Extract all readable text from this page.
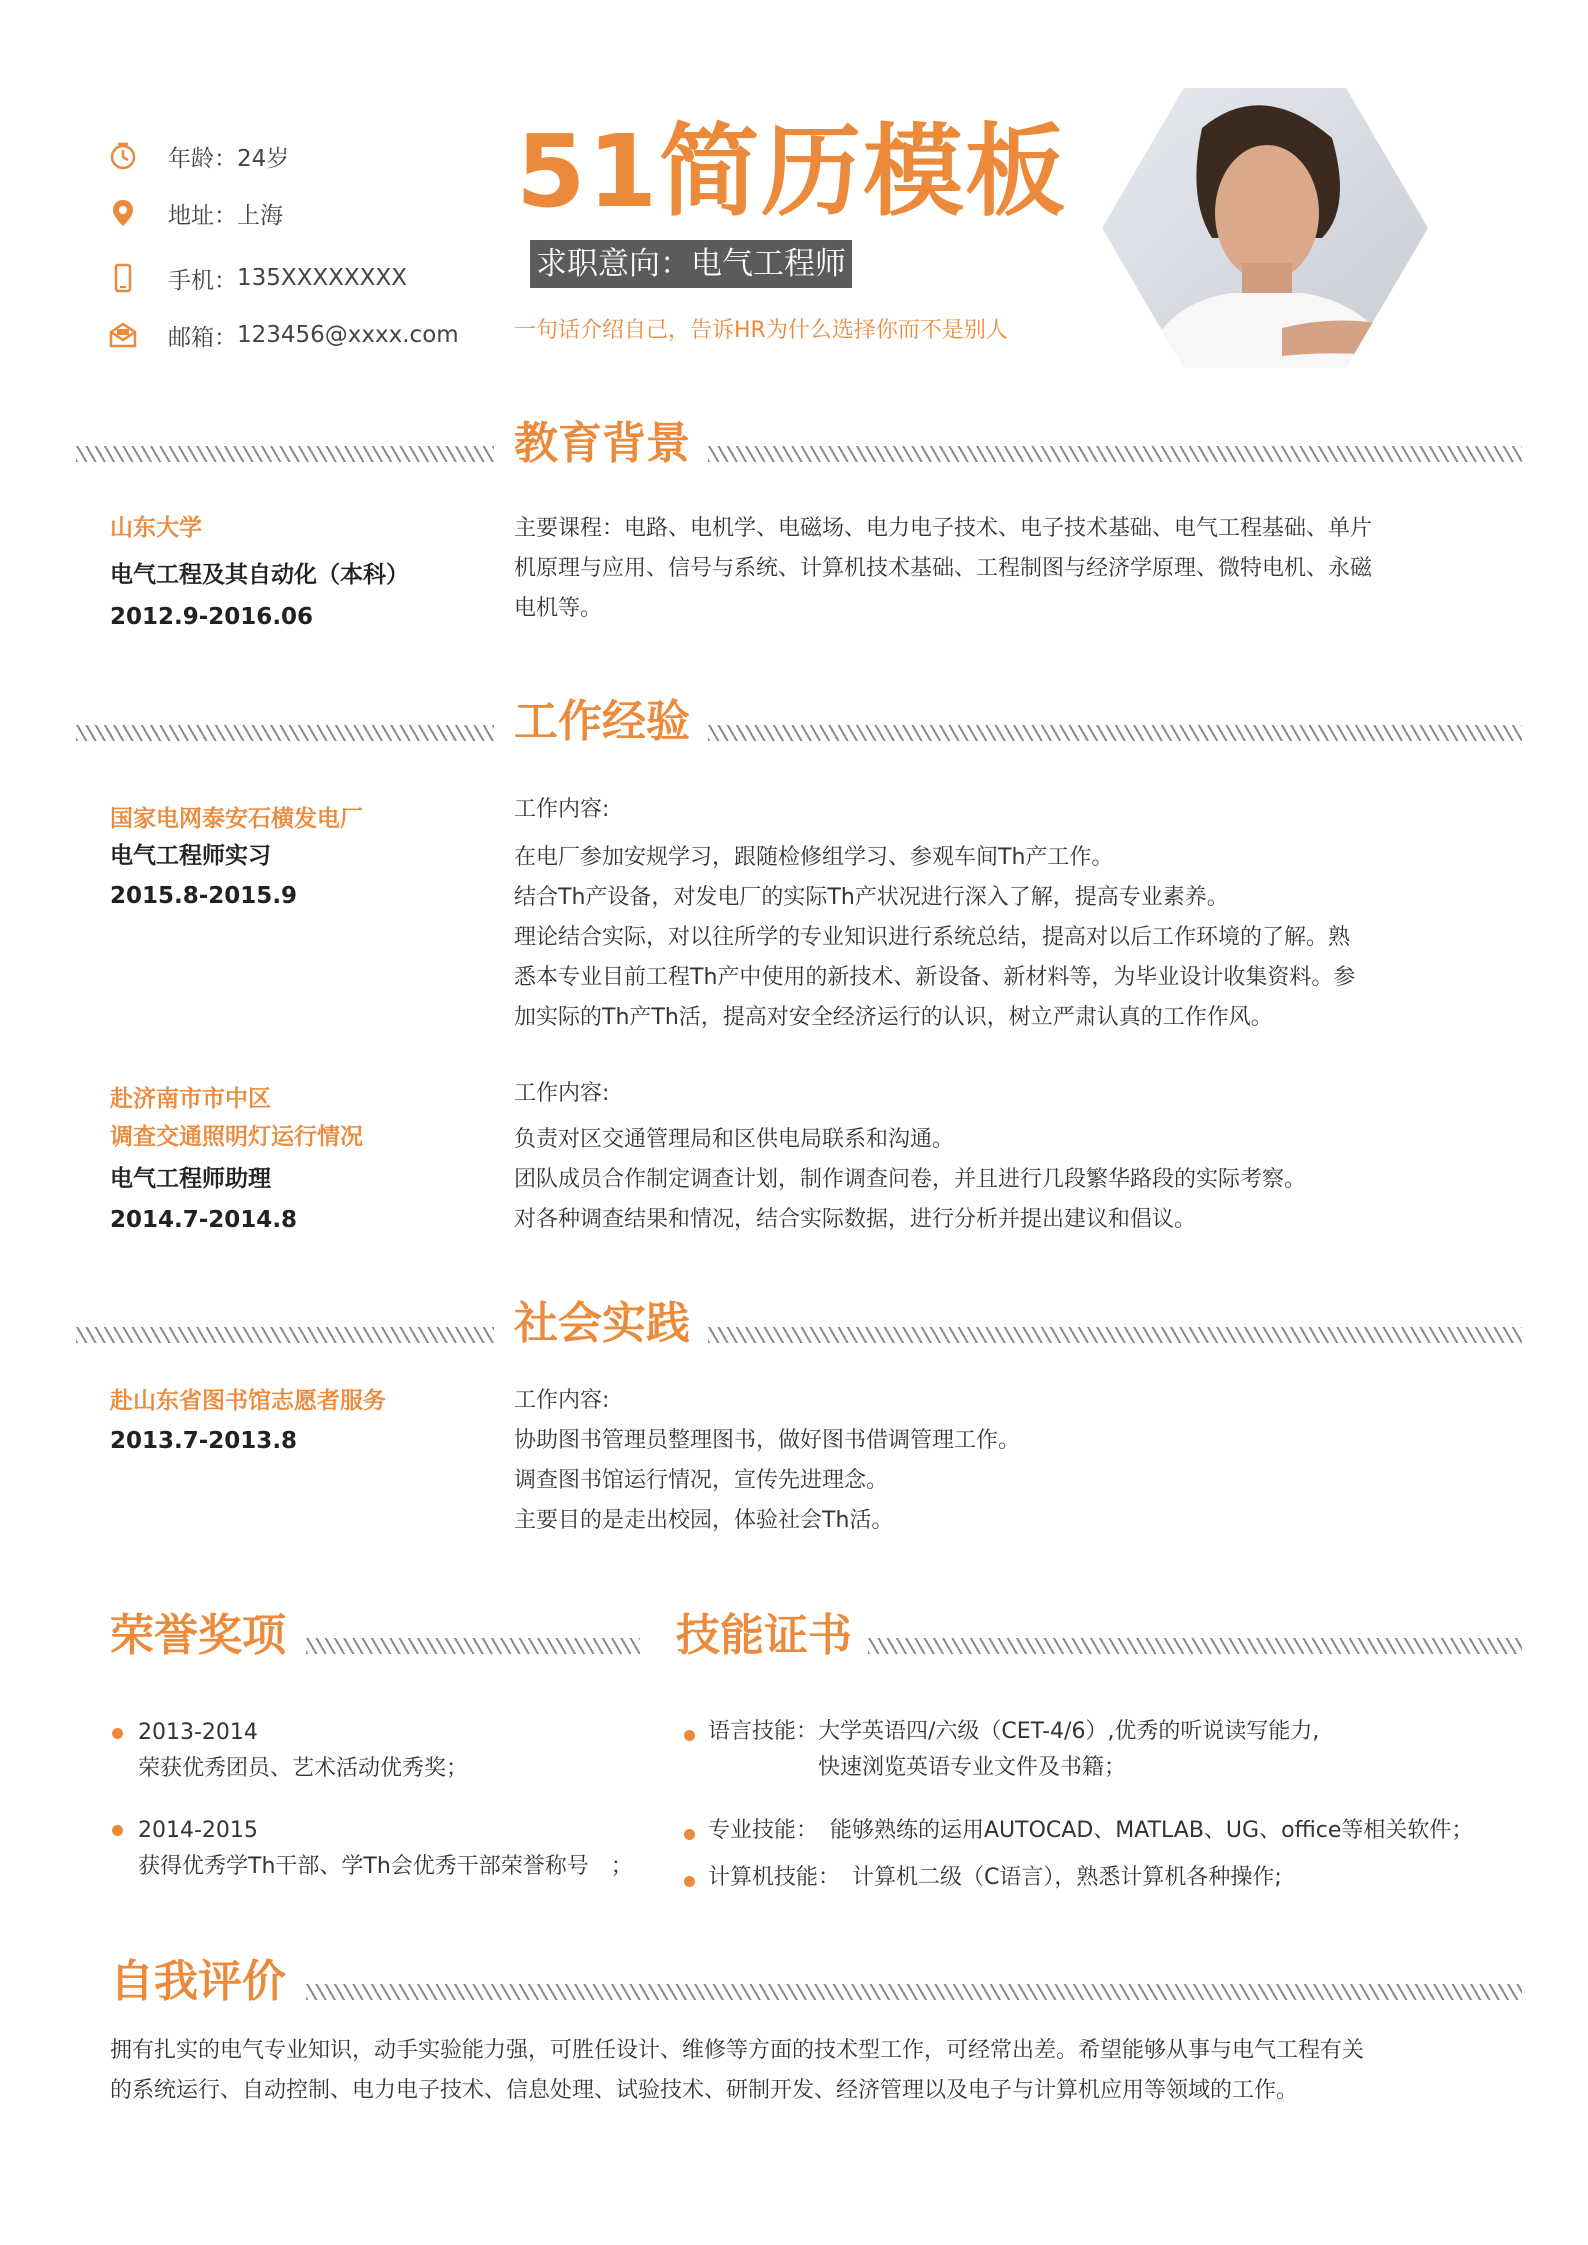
年龄： 24岁
地址： 上海
手机： 135XXXXXXXX
邮箱： 123456@xxxx.com
51简历模板
求职意向：电气工程师
一句话介绍自己，告诉HR为什么选择你而不是别人
教育背景
山东大学
电气工程及其自动化（本科）
2012.9-2016.06
主要课程：电路、电机学、电磁场、电力电子技术、电子技术基础、电气工程基础、单片
机原理与应用、信号与系统、计算机技术基础、工程制图与经济学原理、微特电机、永磁
电机等。
工作经验
国家电网泰安石横发电厂
电气工程师实习
2015.8-2015.9
工作内容:
在电厂参加安规学习，跟随检修组学习、参观车间Th产工作。
结合Th产设备，对发电厂的实际Th产状况进行深入了解，提高专业素养。
理论结合实际，对以往所学的专业知识进行系统总结，提高对以后工作环境的了解。熟
悉本专业目前工程Th产中使用的新技术、新设备、新材料等，为毕业设计收集资料。参
加实际的Th产Th活，提高对安全经济运行的认识，树立严肃认真的工作作风。
赴济南市市中区
调查交通照明灯运行情况
电气工程师助理
2014.7-2014.8
工作内容:
负责对区交通管理局和区供电局联系和沟通。
团队成员合作制定调查计划，制作调查问卷，并且进行几段繁华路段的实际考察。
对各种调查结果和情况，结合实际数据，进行分析并提出建议和倡议。
社会实践
赴山东省图书馆志愿者服务
2013.7-2013.8
工作内容:
协助图书管理员整理图书，做好图书借调管理工作。
调查图书馆运行情况，宣传先进理念。
主要目的是走出校园，体验社会Th活。
荣誉奖项
2013-2014
荣获优秀团员、艺术活动优秀奖；
2014-2015
获得优秀学Th干部、学Th会优秀干部荣誉称号　；
技能证书
语言技能： 大学英语四/六级（CET-4/6）,优秀的听说读写能力,
快速浏览英语专业文件及书籍；
专业技能： 能够熟练的运用AUTOCAD、MATLAB、UG、office等相关软件；
计算机技能： 计算机二级（C语言），熟悉计算机各种操作;
自我评价
拥有扎实的电气专业知识，动手实验能力强，可胜任设计、维修等方面的技术型工作，可经常出差。希望能够从事与电气工程有关
的系统运行、自动控制、电力电子技术、信息处理、试验技术、研制开发、经济管理以及电子与计算机应用等领域的工作。
